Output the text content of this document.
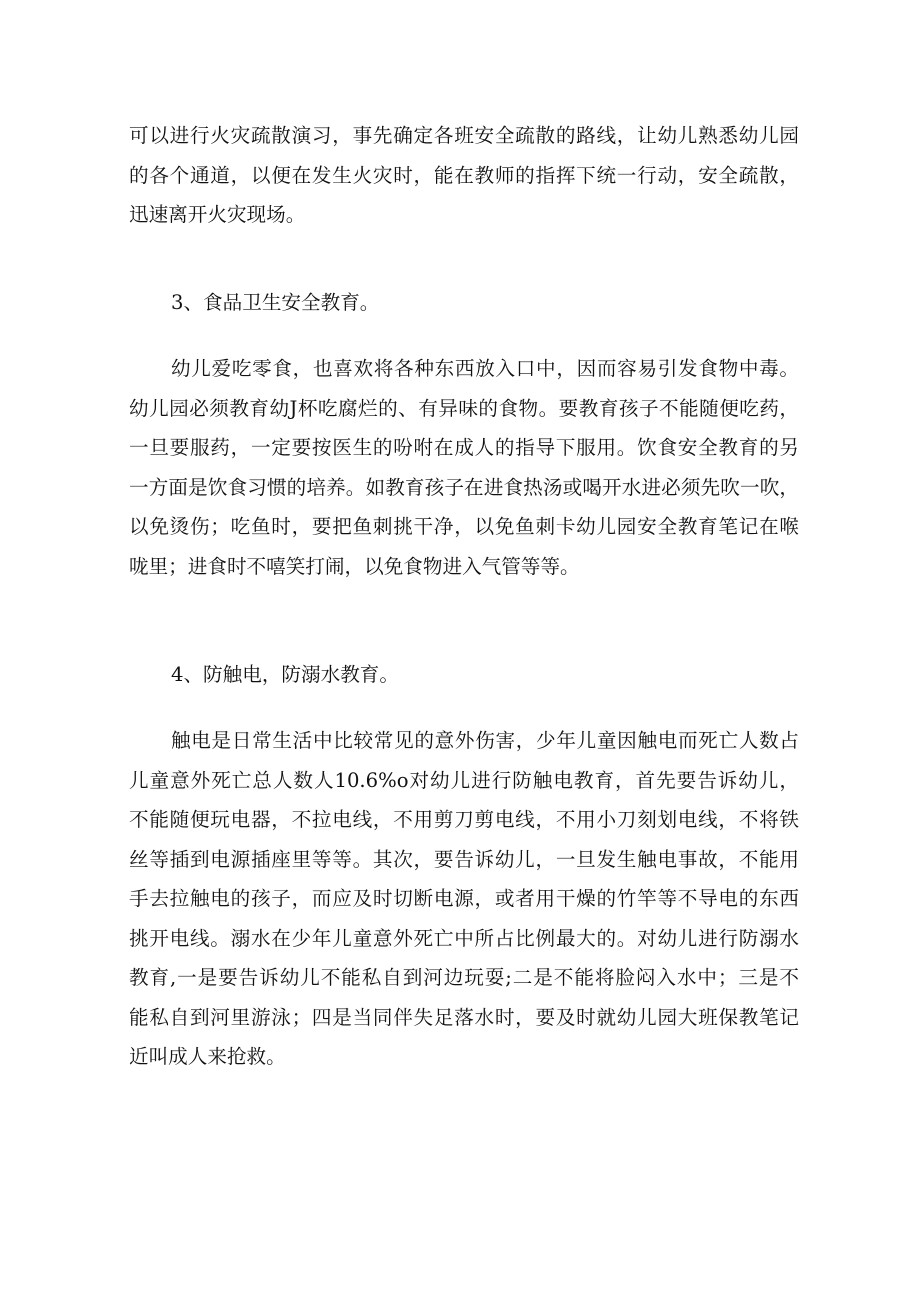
可以进行火灾疏散演习，事先确定各班安全疏散的路线，让幼儿熟悉幼儿园
的各个通道，以便在发生火灾时，能在教师的指挥下统一行动，安全疏散，
迅速离开火灾现场。
3、食品卫生安全教育。
幼儿爱吃零食，也喜欢将各种东西放入口中，因而容易引发食物中毒。
幼儿园必须教育幼J杯吃腐烂的、有异味的食物。要教育孩子不能随便吃药，
一旦要服药，一定要按医生的吩咐在成人的指导下服用。饮食安全教育的另
一方面是饮食习惯的培养。如教育孩子在进食热汤或喝开水进必须先吹一吹，
以免烫伤；吃鱼时，要把鱼刺挑干净，以免鱼刺卡幼儿园安全教育笔记在喉
咙里；进食时不嘻笑打闹，以免食物进入气管等等。
4、防触电，防溺水教育。
触电是日常生活中比较常见的意外伤害，少年儿童因触电而死亡人数占
儿童意外死亡总人数人10.6%o对幼儿进行防触电教育，首先要告诉幼儿，
不能随便玩电器，不拉电线，不用剪刀剪电线，不用小刀刻划电线，不将铁
丝等插到电源插座里等等。其次，要告诉幼儿，一旦发生触电事故，不能用
手去拉触电的孩子，而应及时切断电源，或者用干燥的竹竿等不导电的东西
挑开电线。溺水在少年儿童意外死亡中所占比例最大的。对幼儿进行防溺水
教育,一是要告诉幼儿不能私自到河边玩耍;二是不能将脸闷入水中；三是不
能私自到河里游泳；四是当同伴失足落水时，要及时就幼儿园大班保教笔记
近叫成人来抢救。
